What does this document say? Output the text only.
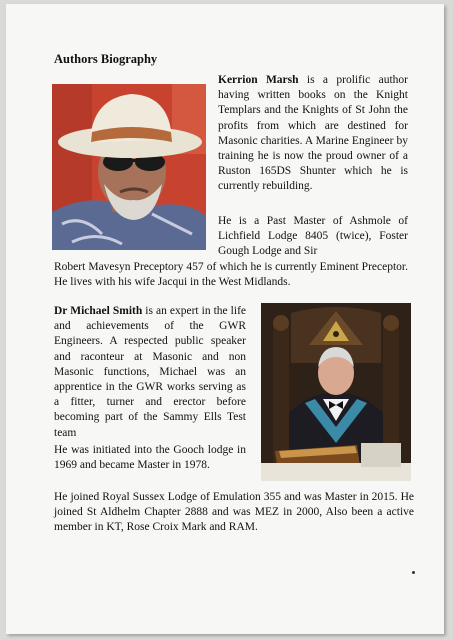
Authors Biography

Kerrion Marsh is a prolific author having written books on the Knight Templars and the Knights of St John the profits from which are destined for Masonic charities. A Marine Engineer by training he is now the proud owner of a Ruston 165DS Shunter which he is currently rebuilding.

He is a Past Master of Ashmole of Lichfield Lodge 8405 (twice), Foster Gough Lodge and Sir

Robert Mavesyn Preceptory 457 of which he is currently Eminent Preceptor. He lives with his wife Jacqui in the West Midlands.

Dr Michael Smith is an expert in the life and achievements of the GWR Engineers. A respected public speaker and raconteur at Masonic and non Masonic functions, Michael was an apprentice in the GWR works serving as a fitter, turner and erector before becoming part of the Sammy Ells Test team

He was initiated into the Gooch lodge in 1969 and became Master in 1978.

He joined Royal Sussex Lodge of Emulation 355 and was Master in 2015. He joined St Aldhelm Chapter 2888 and was MEZ in 2000, Also been a active member in KT, Rose Croix Mark and RAM.
